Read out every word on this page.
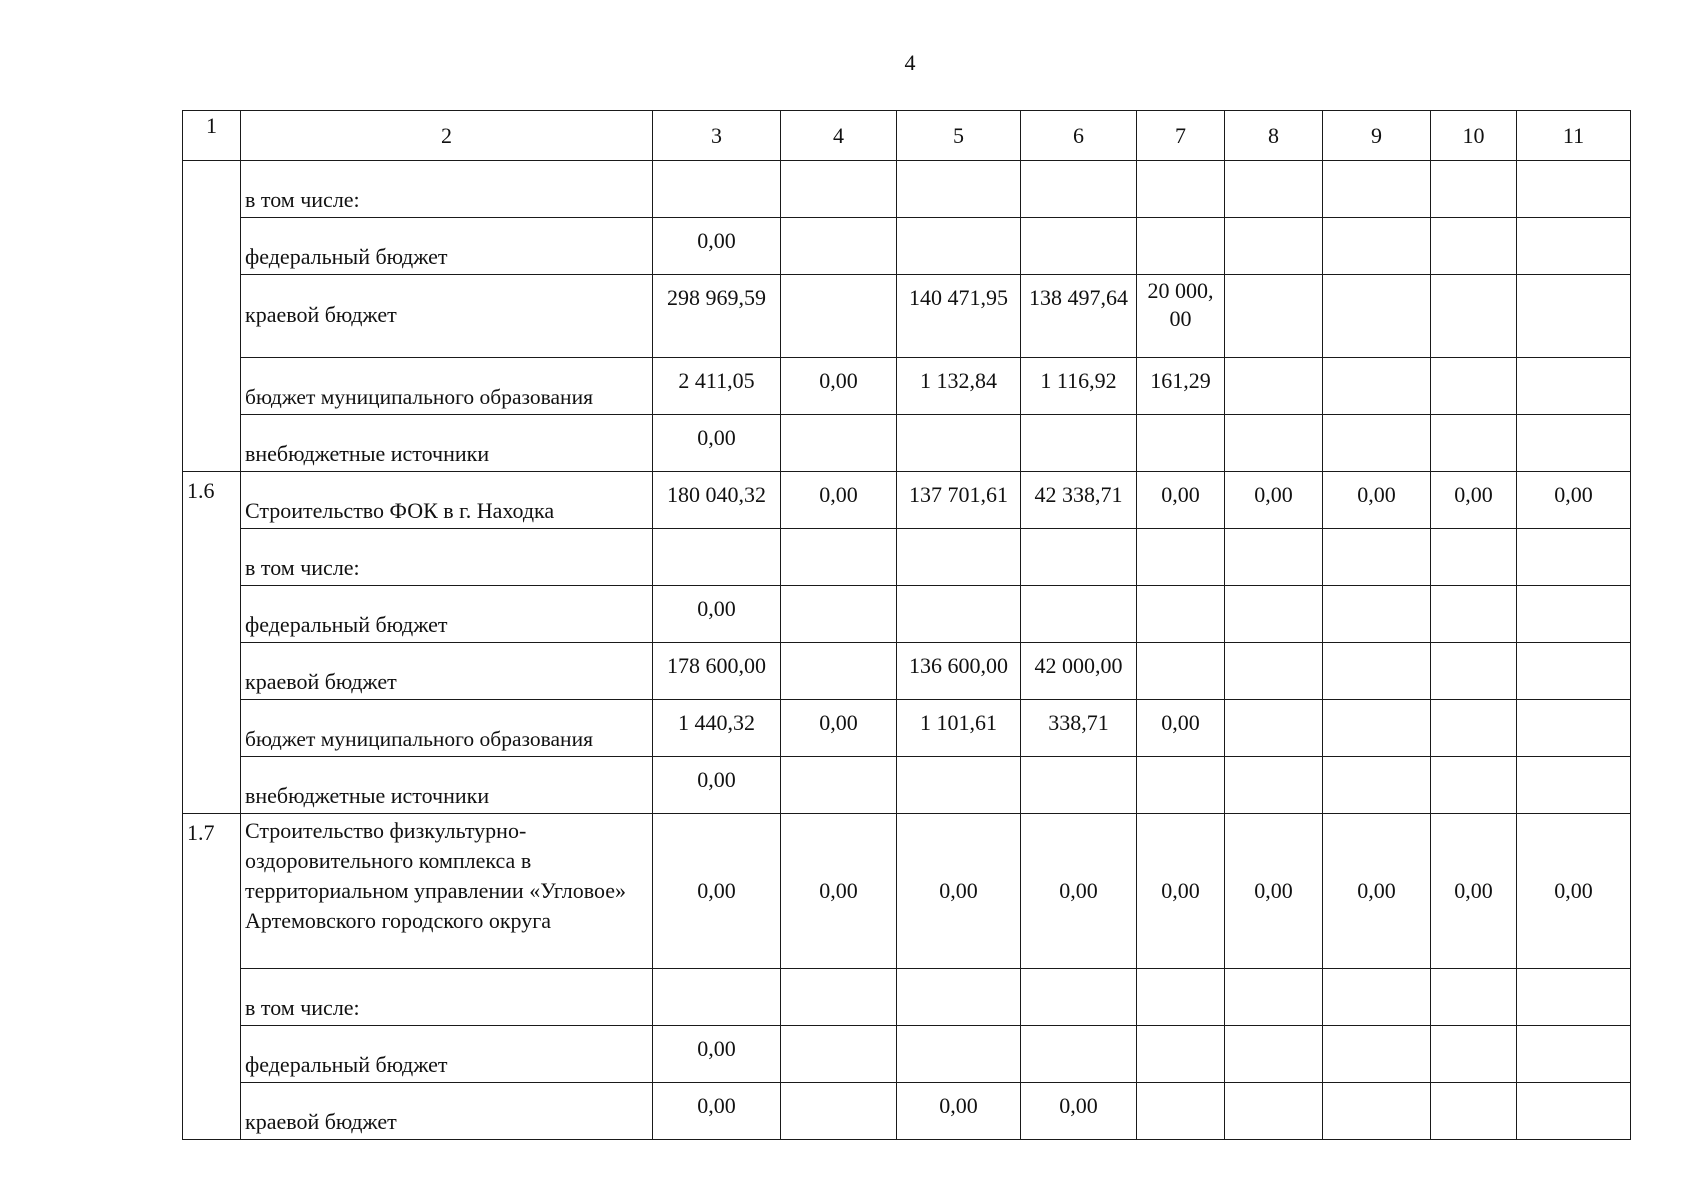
4
1	2	3	4	5	6	7	8	9	10	11
	в том числе:									
	федеральный бюджет	0,00								
	краевой бюджет	298 969,59		140 471,95	138 497,64	20 000, 00				
	бюджет муниципального образования	2 411,05	0,00	1 132,84	1 116,92	161,29				
	внебюджетные источники	0,00								
1.6	Строительство ФОК в г. Находка	180 040,32	0,00	137 701,61	42 338,71	0,00	0,00	0,00	0,00	0,00
	в том числе:									
	федеральный бюджет	0,00								
	краевой бюджет	178 600,00		136 600,00	42 000,00					
	бюджет муниципального образования	1 440,32	0,00	1 101,61	338,71	0,00				
	внебюджетные источники	0,00								
1.7	Строительство физкультурно-оздоровительного комплекса в территориальном управлении «Угловое» Артемовского городского округа	0,00	0,00	0,00	0,00	0,00	0,00	0,00	0,00	0,00
	в том числе:									
	федеральный бюджет	0,00								
	краевой бюджет	0,00		0,00	0,00					
